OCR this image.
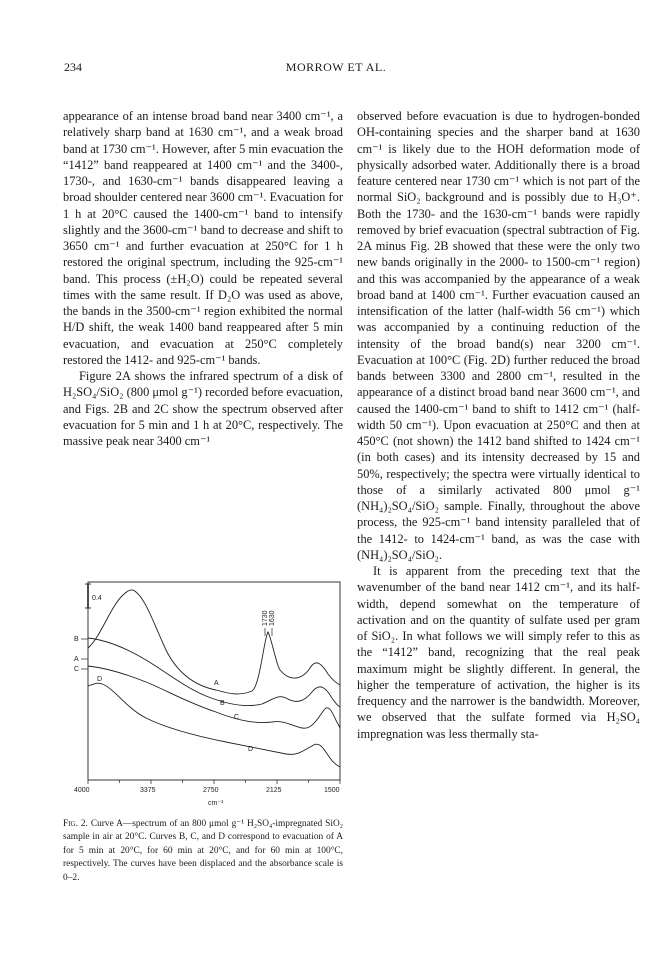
234	MORROW ET AL.

appearance of an intense broad band near 3400 cm⁻¹, a relatively sharp band at 1630 cm⁻¹, and a weak broad band at 1730 cm⁻¹. However, after 5 min evacuation the “1412” band reappeared at 1400 cm⁻¹ and the 3400-, 1730-, and 1630-cm⁻¹ bands disappeared leaving a broad shoulder centered near 3600 cm⁻¹. Evacuation for 1 h at 20°C caused the 1400-cm⁻¹ band to intensify slightly and the 3600-cm⁻¹ band to decrease and shift to 3650 cm⁻¹ and further evacuation at 250°C for 1 h restored the original spectrum, including the 925-cm⁻¹ band. This process (±H₂O) could be repeated several times with the same result. If D₂O was used as above, the bands in the 3500-cm⁻¹ region exhibited the normal H/D shift, the weak 1400 band reappeared after 5 min evacuation, and evacuation at 250°C completely restored the 1412- and 925-cm⁻¹ bands.

Figure 2A shows the infrared spectrum of a disk of H₂SO₄/SiO₂ (800 μmol g⁻¹) recorded before evacuation, and Figs. 2B and 2C show the spectrum observed after evacuation for 5 min and 1 h at 20°C, respectively. The massive peak near 3400 cm⁻¹

observed before evacuation is due to hydrogen-bonded OH-containing species and the sharper band at 1630 cm⁻¹ is likely due to the HOH deformation mode of physically adsorbed water. Additionally there is a broad feature centered near 1730 cm⁻¹ which is not part of the normal SiO₂ background and is possibly due to H₃O⁺. Both the 1730- and the 1630-cm⁻¹ bands were rapidly removed by brief evacuation (spectral subtraction of Fig. 2A minus Fig. 2B showed that these were the only two new bands originally in the 2000- to 1500-cm⁻¹ region) and this was accompanied by the appearance of a weak broad band at 1400 cm⁻¹. Further evacuation caused an intensification of the latter (half-width 56 cm⁻¹) which was accompanied by a continuing reduction of the intensity of the broad band(s) near 3200 cm⁻¹. Evacuation at 100°C (Fig. 2D) further reduced the broad bands between 3300 and 2800 cm⁻¹, resulted in the appearance of a distinct broad band near 3600 cm⁻¹, and caused the 1400-cm⁻¹ band to shift to 1412 cm⁻¹ (half-width 50 cm⁻¹). Upon evacuation at 250°C and then at 450°C (not shown) the 1412 band shifted to 1424 cm⁻¹ (in both cases) and its intensity decreased by 15 and 50%, respectively; the spectra were virtually identical to those of a similarly activated 800 μmol g⁻¹ (NH₄)₂SO₄/SiO₂ sample. Finally, throughout the above process, the 925-cm⁻¹ band intensity paralleled that of the 1412- to 1424-cm⁻¹ band, as was the case with (NH₄)₂SO₄/SiO₂.

It is apparent from the preceding text that the wavenumber of the band near 1412 cm⁻¹, and its half-width, depend somewhat on the temperature of activation and on the quantity of sulfate used per gram of SiO₂. In what follows we will simply refer to this as the “1412” band, recognizing that the real peak maximum might be slightly different. In general, the higher the temperature of activation, the higher is its frequency and the narrower is the bandwidth. Moreover, we observed that the sulfate formed via H₂SO₄ impregnation was less thermally sta-

0.4
B
A
C
D
A
B
C
D
1730 1630
4000	3375	2750	2125	1500
cm⁻¹
Fig. 2. Curve A—spectrum of an 800 μmol g⁻¹ H₂SO₄-impregnated SiO₂ sample in air at 20°C. Curves B, C, and D correspond to evacuation of A for 5 min at 20°C, for 60 min at 20°C, and for 60 min at 100°C, respectively. The curves have been displaced and the absorbance scale is 0–2.
